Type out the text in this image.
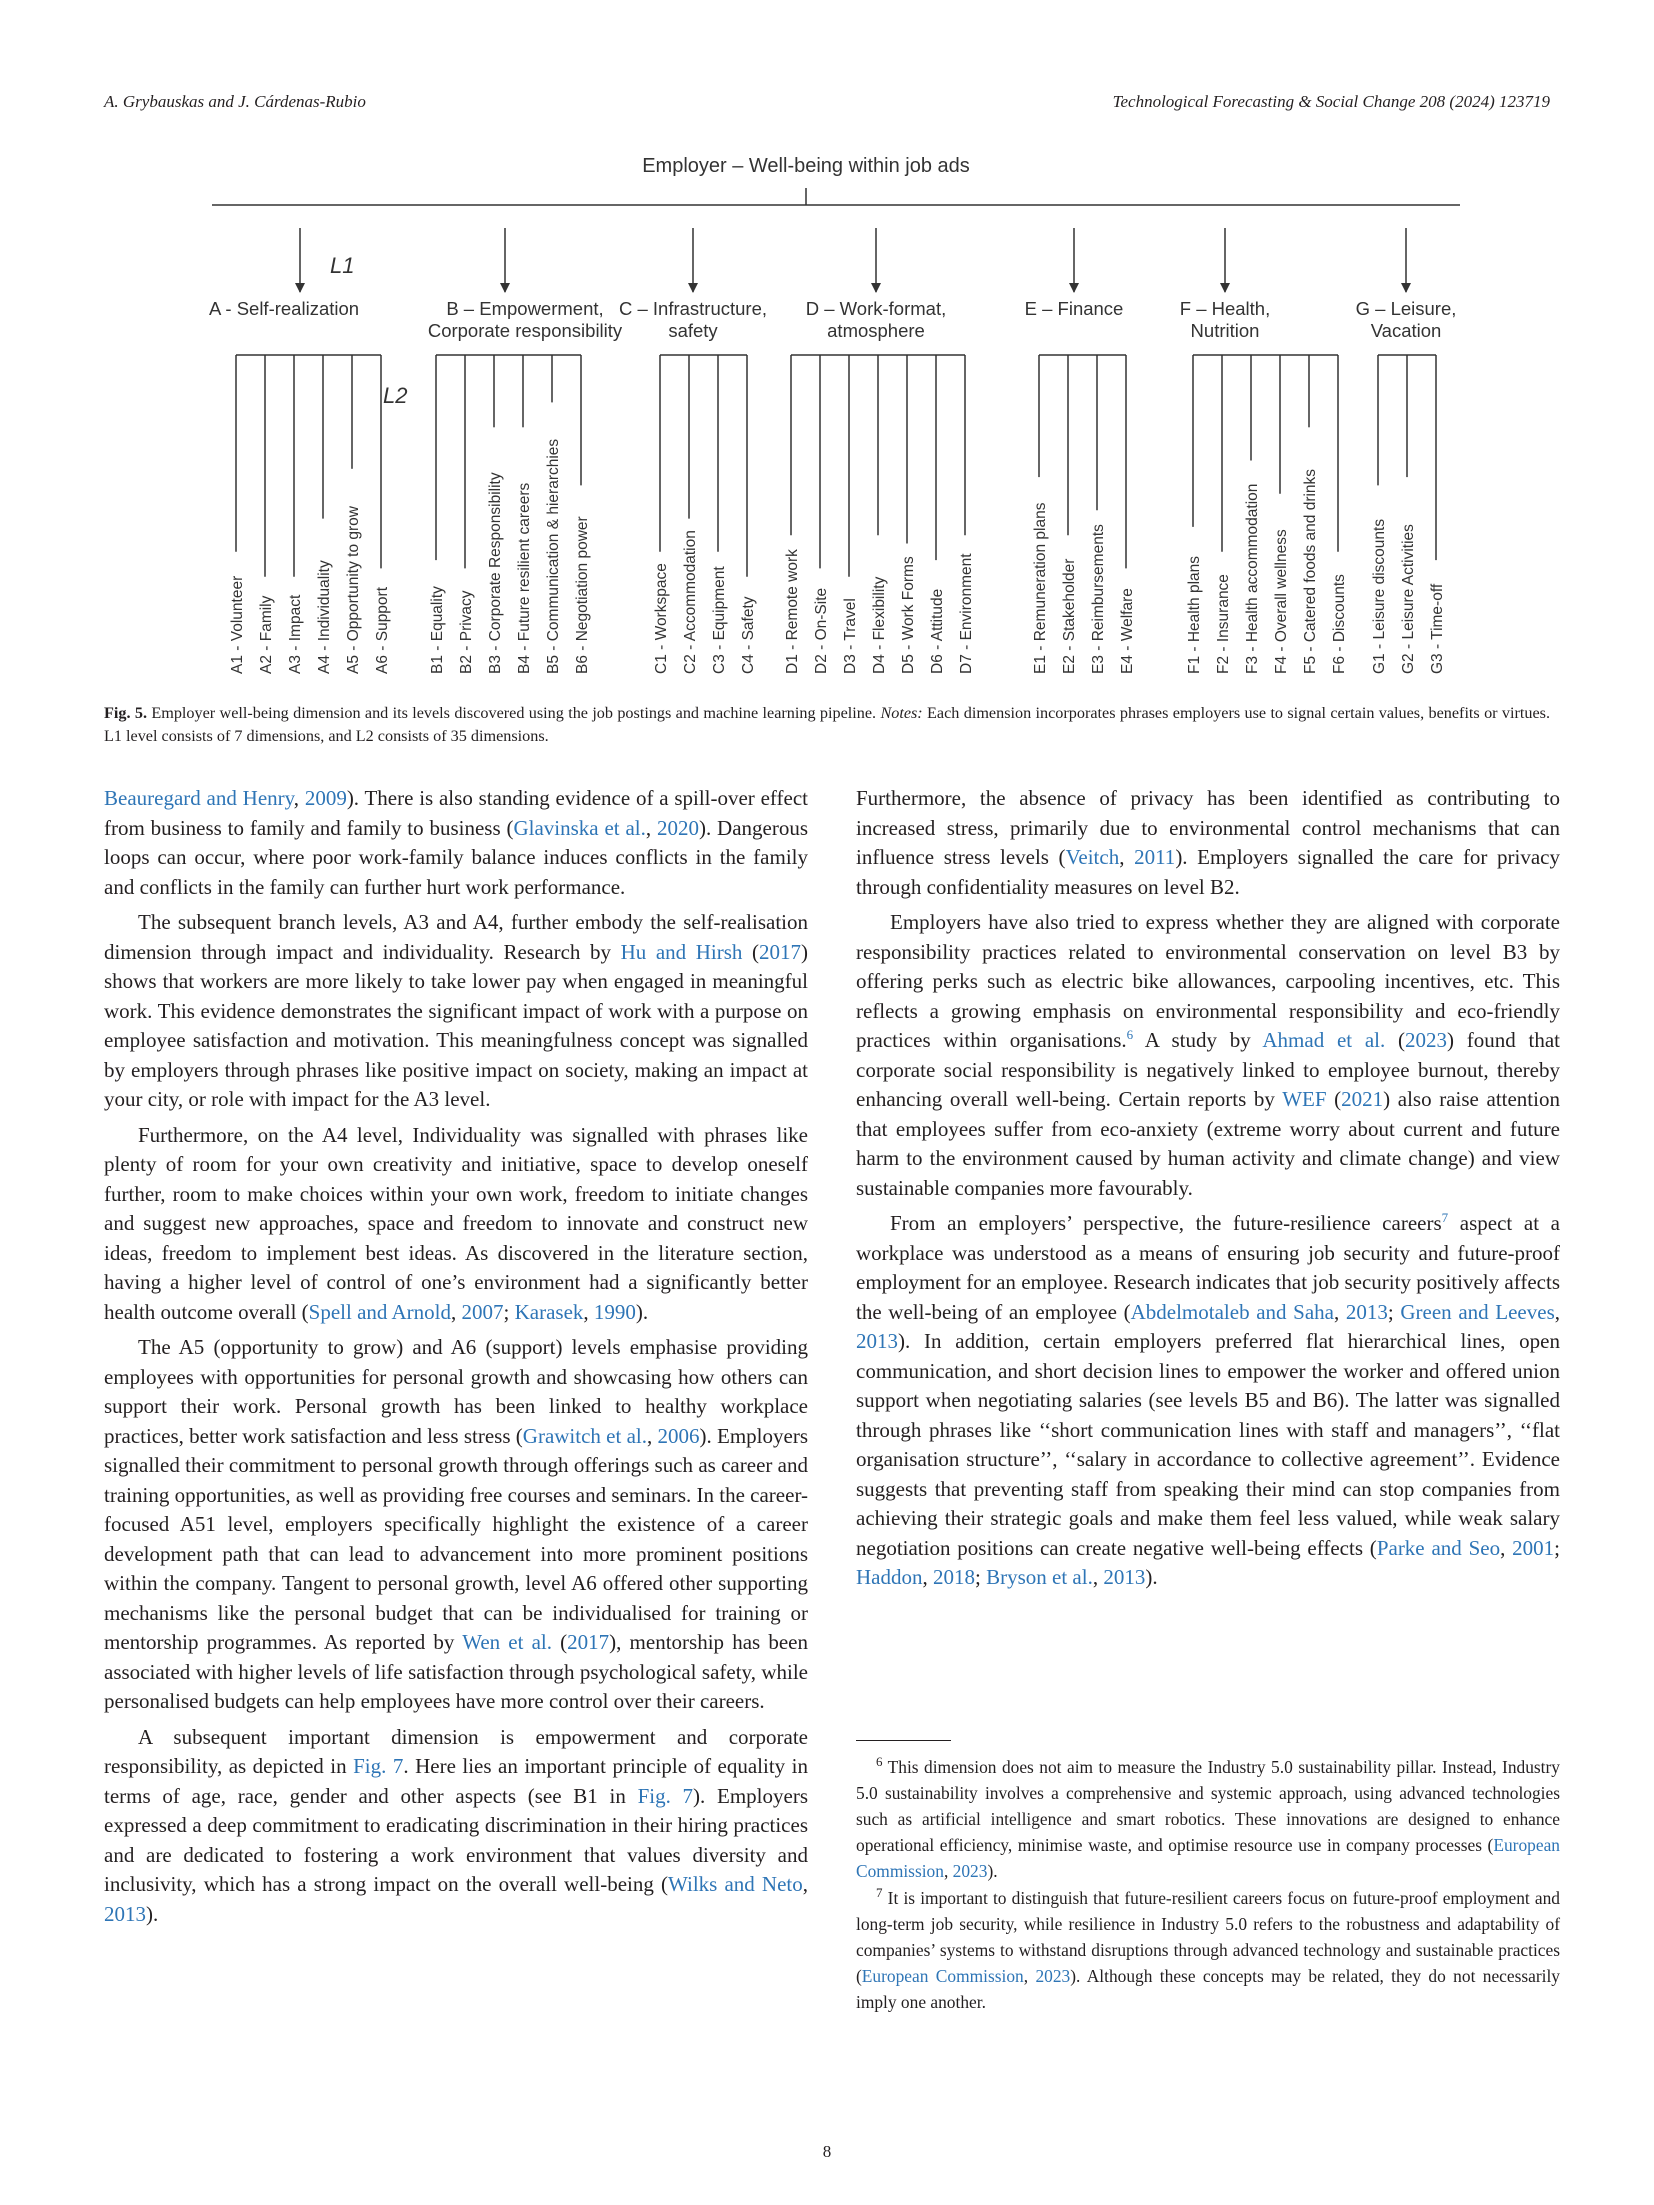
A. Grybauskas and J. Cárdenas-Rubio	Technological Forecasting & Social Change 208 (2024) 123719
Employer – Well-being within job ads
L1
L2
A - Self-realization
A1 - Volunteer A2 - Family A3 - Impact A4 - Individuality A5 - Opportunity to grow A6 - Support
B – Empowerment,
Corporate responsibility
B1 - Equality B2 - Privacy B3 - Corporate Responsibility B4 - Future resilient careers B5 - Communication & hierarchies B6 - Negotiation power
C – Infrastructure,
safety
C1 - Workspace C2 - Accommodation C3 - Equipment C4 - Safety
D – Work-format,
atmosphere
D1 - Remote work D2 - On-Site D3 - Travel D4 - Flexibility D5 - Work Forms D6 - Attitude D7 - Environment
E – Finance
E1 - Remuneration plans E2 - Stakeholder E3 - Reimbursements E4 - Welfare
F – Health,
Nutrition
F1 - Health plans F2 - Insurance F3 - Health accommodation F4 - Overall wellness F5 - Catered foods and drinks F6 - Discounts
G – Leisure,
Vacation
G1 - Leisure discounts G2 - Leisure Activities G3 - Time-off
Fig. 5. Employer well-being dimension and its levels discovered using the job postings and machine learning pipeline. Notes: Each dimension incorporates phrases employers use to signal certain values, benefits or virtues. L1 level consists of 7 dimensions, and L2 consists of 35 dimensions.

Beauregard and Henry, 2009). There is also standing evidence of a spill-over effect from business to family and family to business (Glavinska et al., 2020). Dangerous loops can occur, where poor work-family balance induces conflicts in the family and conflicts in the family can further hurt work performance.

The subsequent branch levels, A3 and A4, further embody the self-realisation dimension through impact and individuality. Research by Hu and Hirsh (2017) shows that workers are more likely to take lower pay when engaged in meaningful work. This evidence demonstrates the significant impact of work with a purpose on employee satisfaction and motivation. This meaningfulness concept was signalled by employers through phrases like positive impact on society, making an impact at your city, or role with impact for the A3 level.

Furthermore, on the A4 level, Individuality was signalled with phrases like plenty of room for your own creativity and initiative, space to develop oneself further, room to make choices within your own work, freedom to initiate changes and suggest new approaches, space and freedom to innovate and construct new ideas, freedom to implement best ideas. As discovered in the literature section, having a higher level of control of one’s environment had a significantly better health outcome overall (Spell and Arnold, 2007; Karasek, 1990).

The A5 (opportunity to grow) and A6 (support) levels emphasise providing employees with opportunities for personal growth and showcasing how others can support their work. Personal growth has been linked to healthy workplace practices, better work satisfaction and less stress (Grawitch et al., 2006). Employers signalled their commitment to personal growth through offerings such as career and training opportunities, as well as providing free courses and seminars. In the career-focused A51 level, employers specifically highlight the existence of a career development path that can lead to advancement into more prominent positions within the company. Tangent to personal growth, level A6 offered other supporting mechanisms like the personal budget that can be individualised for training or mentorship programmes. As reported by Wen et al. (2017), mentorship has been associated with higher levels of life satisfaction through psychological safety, while personalised budgets can help employees have more control over their careers.

A subsequent important dimension is empowerment and corporate responsibility, as depicted in Fig. 7. Here lies an important principle of equality in terms of age, race, gender and other aspects (see B1 in Fig. 7). Employers expressed a deep commitment to eradicating discrimination in their hiring practices and are dedicated to fostering a work environment that values diversity and inclusivity, which has a strong impact on the overall well-being (Wilks and Neto, 2013).

Furthermore, the absence of privacy has been identified as contributing to increased stress, primarily due to environmental control mechanisms that can influence stress levels (Veitch, 2011). Employers signalled the care for privacy through confidentiality measures on level B2.

Employers have also tried to express whether they are aligned with corporate responsibility practices related to environmental conservation on level B3 by offering perks such as electric bike allowances, carpooling incentives, etc. This reflects a growing emphasis on environmental responsibility and eco-friendly practices within organisations.$^6$ A study by Ahmad et al. (2023) found that corporate social responsibility is negatively linked to employee burnout, thereby enhancing overall well-being. Certain reports by WEF (2021) also raise attention that employees suffer from eco-anxiety (extreme worry about current and future harm to the environment caused by human activity and climate change) and view sustainable companies more favourably.

From an employers’ perspective, the future-resilience careers$^7$ aspect at a workplace was understood as a means of ensuring job security and future-proof employment for an employee. Research indicates that job security positively affects the well-being of an employee (Abdelmotaleb and Saha, 2013; Green and Leeves, 2013). In addition, certain employers preferred flat hierarchical lines, open communication, and short decision lines to empower the worker and offered union support when negotiating salaries (see levels B5 and B6). The latter was signalled through phrases like ‘‘short communication lines with staff and managers’’, ‘‘flat organisation structure’’, ‘‘salary in accordance to collective agreement’’. Evidence suggests that preventing staff from speaking their mind can stop companies from achieving their strategic goals and make them feel less valued, while weak salary negotiation positions can create negative well-being effects (Parke and Seo, 2001; Haddon, 2018; Bryson et al., 2013).

$^6$ This dimension does not aim to measure the Industry 5.0 sustainability pillar. Instead, Industry 5.0 sustainability involves a comprehensive and systemic approach, using advanced technologies such as artificial intelligence and smart robotics. These innovations are designed to enhance operational efficiency, minimise waste, and optimise resource use in company processes (European Commission, 2023).

$^7$ It is important to distinguish that future-resilient careers focus on future-proof employment and long-term job security, while resilience in Industry 5.0 refers to the robustness and adaptability of companies’ systems to withstand disruptions through advanced technology and sustainable practices (European Commission, 2023). Although these concepts may be related, they do not necessarily imply one another.

8
